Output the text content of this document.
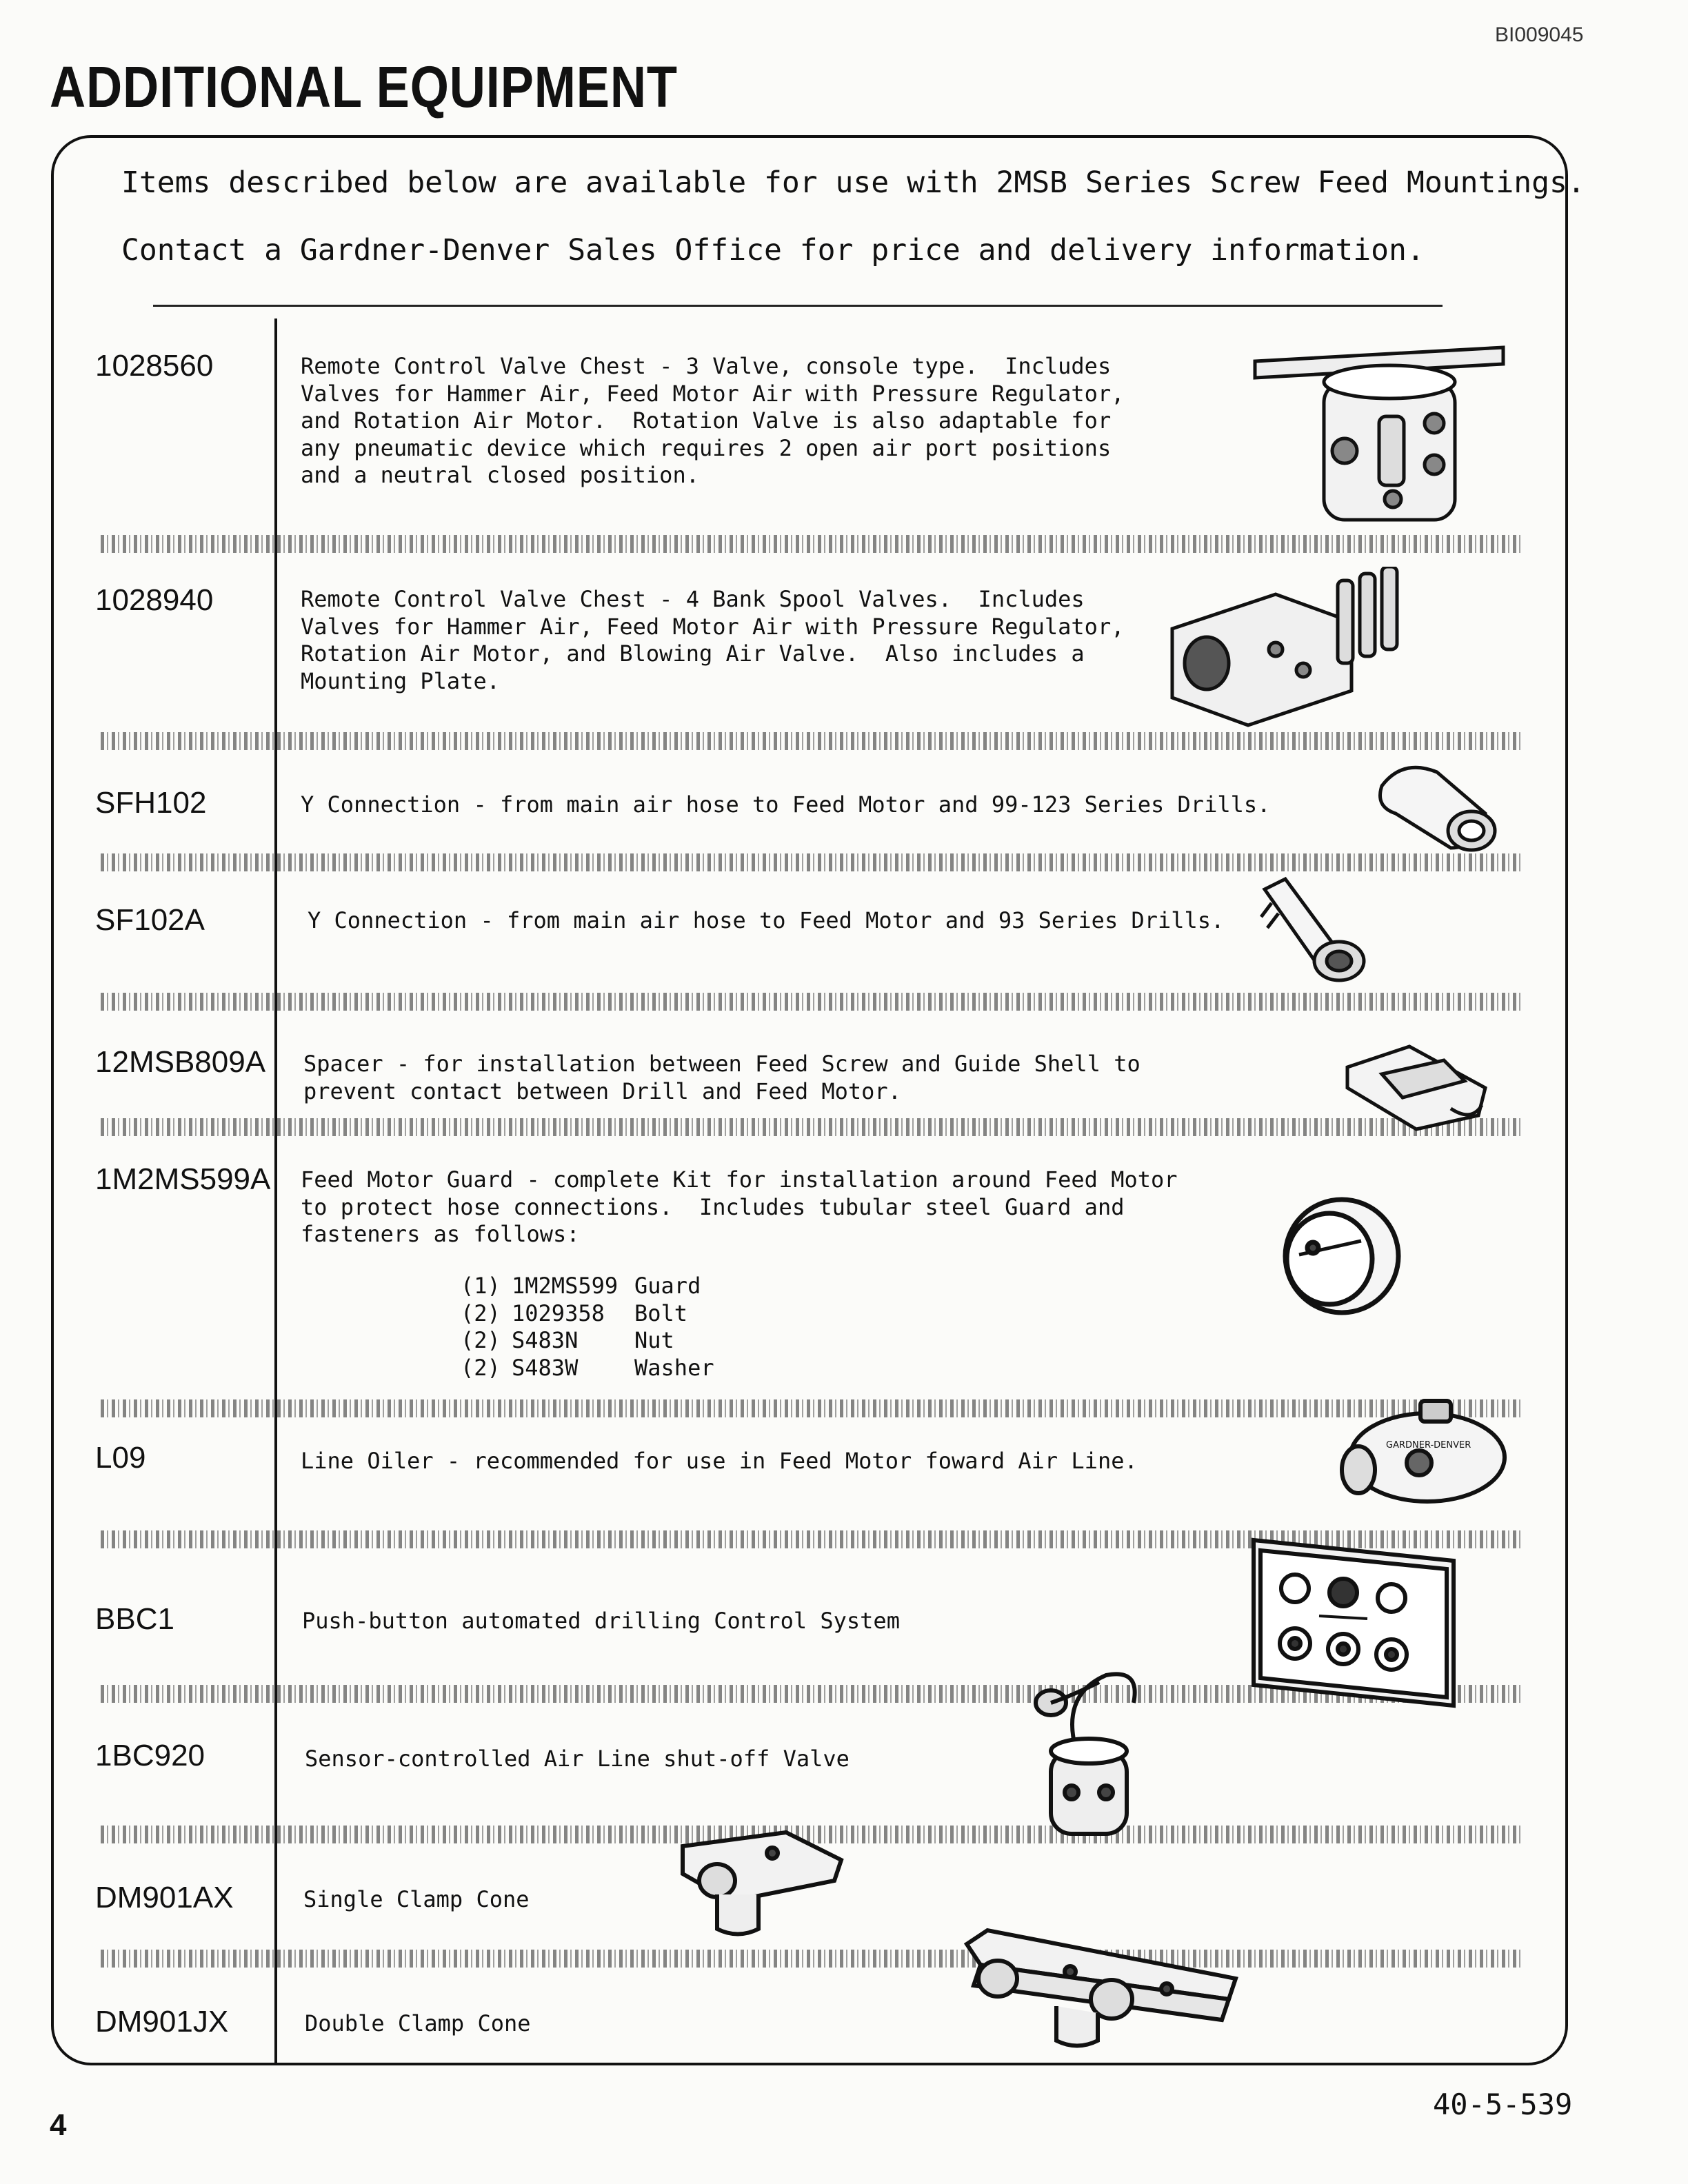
BI009045
ADDITIONAL EQUIPMENT
Items described below are available for use with 2MSB Series Screw Feed Mountings.
Contact a Gardner-Denver Sales Office for price and delivery information.
1028560	Remote Control Valve Chest - 3 Valve, console type.  Includes
Valves for Hammer Air, Feed Motor Air with Pressure Regulator,
and Rotation Air Motor.  Rotation Valve is also adaptable for
any pneumatic device which requires 2 open air port positions
and a neutral closed position.
1028940	Remote Control Valve Chest - 4 Bank Spool Valves.  Includes
Valves for Hammer Air, Feed Motor Air with Pressure Regulator,
Rotation Air Motor, and Blowing Air Valve.  Also includes a
Mounting Plate.
SFH102	Y Connection - from main air hose to Feed Motor and 99-123 Series Drills.
SF102A	Y Connection - from main air hose to Feed Motor and 93 Series Drills.
12MSB809A Spacer - for installation between Feed Screw and Guide Shell to
prevent contact between Drill and Feed Motor.
1M2MS599A Feed Motor Guard - complete Kit for installation around Feed Motor
to protect hose connections.  Includes tubular steel Guard and
fasteners as follows:
(1) 1M2MS599 Guard
(2) 1029358	Bolt
(2) S483N	Nut
(2) S483W	Washer
L09	Line Oiler - recommended for use in Feed Motor foward Air Line.
BBC1	Push-button automated drilling Control System
1BC920	Sensor-controlled Air Line shut-off Valve
DM901AX	Single Clamp Cone
DM901JX	Double Clamp Cone
GARDNER-DENVER
4
40-5-539
